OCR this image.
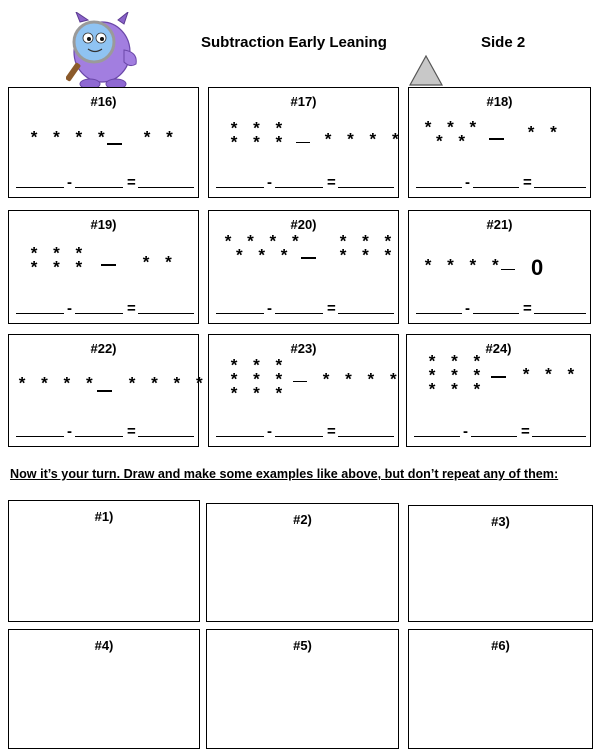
Subtraction Early Leaning	Side 2
#16)
* * * * * *
-	=
#17)
* * *
* * * * * * *
-	=
#18)
* * *
* *	* *
-	=
#19)
* * *
* * *	* *
-	=
#20)
* * * *
* * *
* * *
* * *
-	=
#21)
* * * * 0
-	=
#22)
* * * * * * * *
-	=
#23)
* * *
* * *
* * *
* * * *
-	=
#24)
* * *
* * *
* * *
* * *
-	=
Now it’s your turn. Draw and make some examples like above, but don’t repeat any of them:
#1)	#2)	#3)
#4)	#5)	#6)
